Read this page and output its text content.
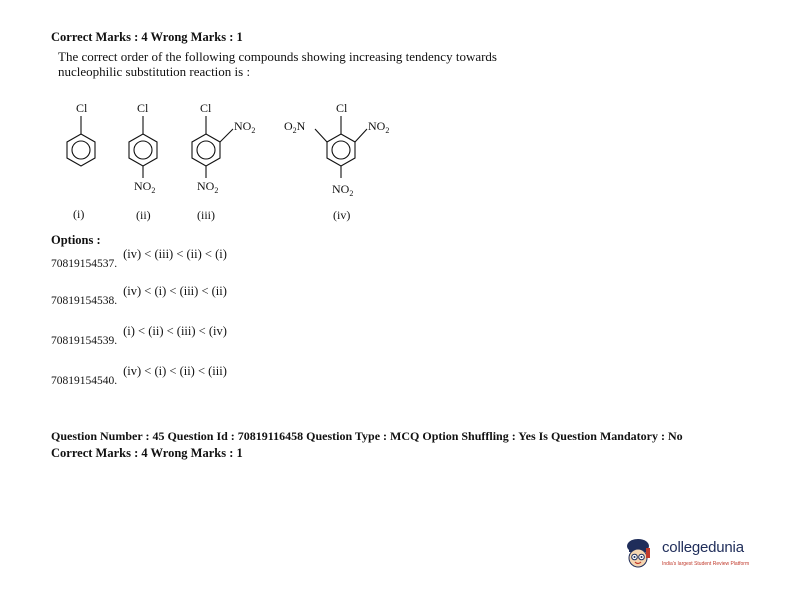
Correct Marks : 4 Wrong Marks : 1
The correct order of the following compounds showing increasing tendency towards
nucleophilic substitution reaction is :
Cl	Cl	Cl	Cl
$NO_2$	$NO_2$	$NO_2$
$NO_2$	$NO_2$
$O_2N$
(i)	(ii)	(iii)	(iv)
Options :
70819154537.(iv) < (iii) < (ii) < (i)
70819154538.(iv) < (i) < (iii) < (ii)
70819154539.(i) < (ii) < (iii) < (iv)
70819154540.(iv) < (i) < (ii) < (iii)
Question Number : 45 Question Id : 70819116458 Question Type : MCQ Option Shuffling : Yes Is Question Mandatory : No
Correct Marks : 4 Wrong Marks : 1
collegedunia
India's largest Student Review Platform
